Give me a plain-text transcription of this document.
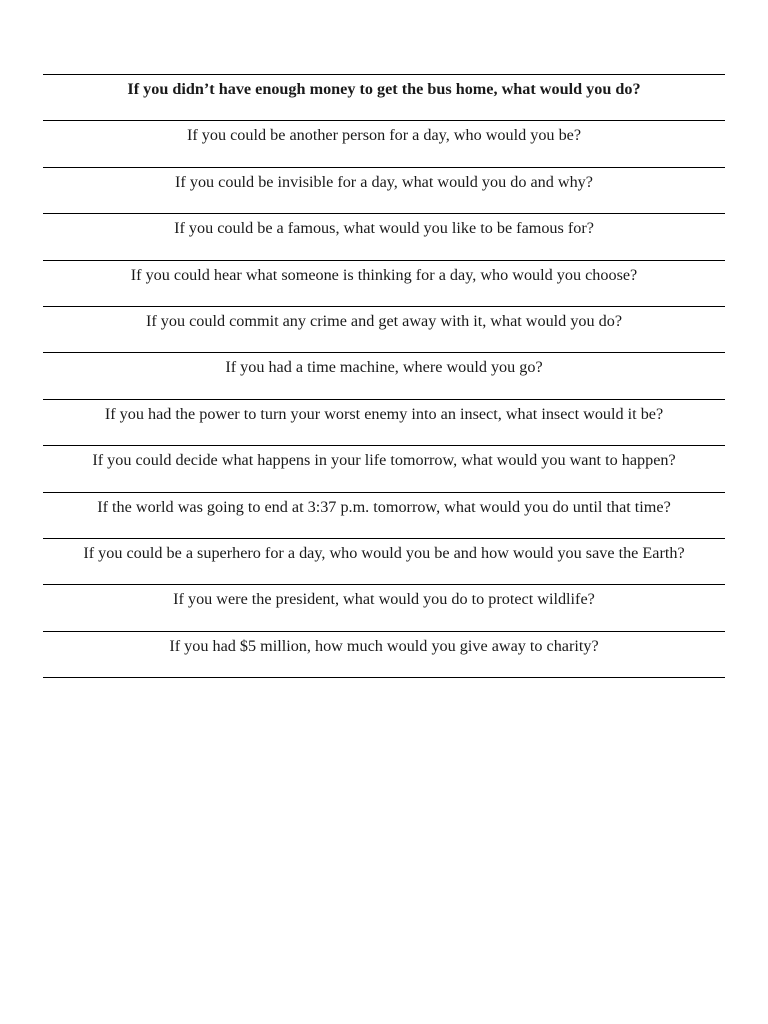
If you didn’t have enough money to get the bus home, what would you do?
If you could be another person for a day, who would you be?
If you could be invisible for a day, what would you do and why?
If you could be a famous, what would you like to be famous for?
If you could hear what someone is thinking for a day, who would you choose?
If you could commit any crime and get away with it, what would you do?
If you had a time machine, where would you go?
If you had the power to turn your worst enemy into an insect, what insect would it be?
If you could decide what happens in your life tomorrow, what would you want to happen?
If the world was going to end at 3:37 p.m. tomorrow, what would you do until that time?
If you could be a superhero for a day, who would you be and how would you save the Earth?
If you were the president, what would you do to protect wildlife?
If you had $5 million, how much would you give away to charity?
